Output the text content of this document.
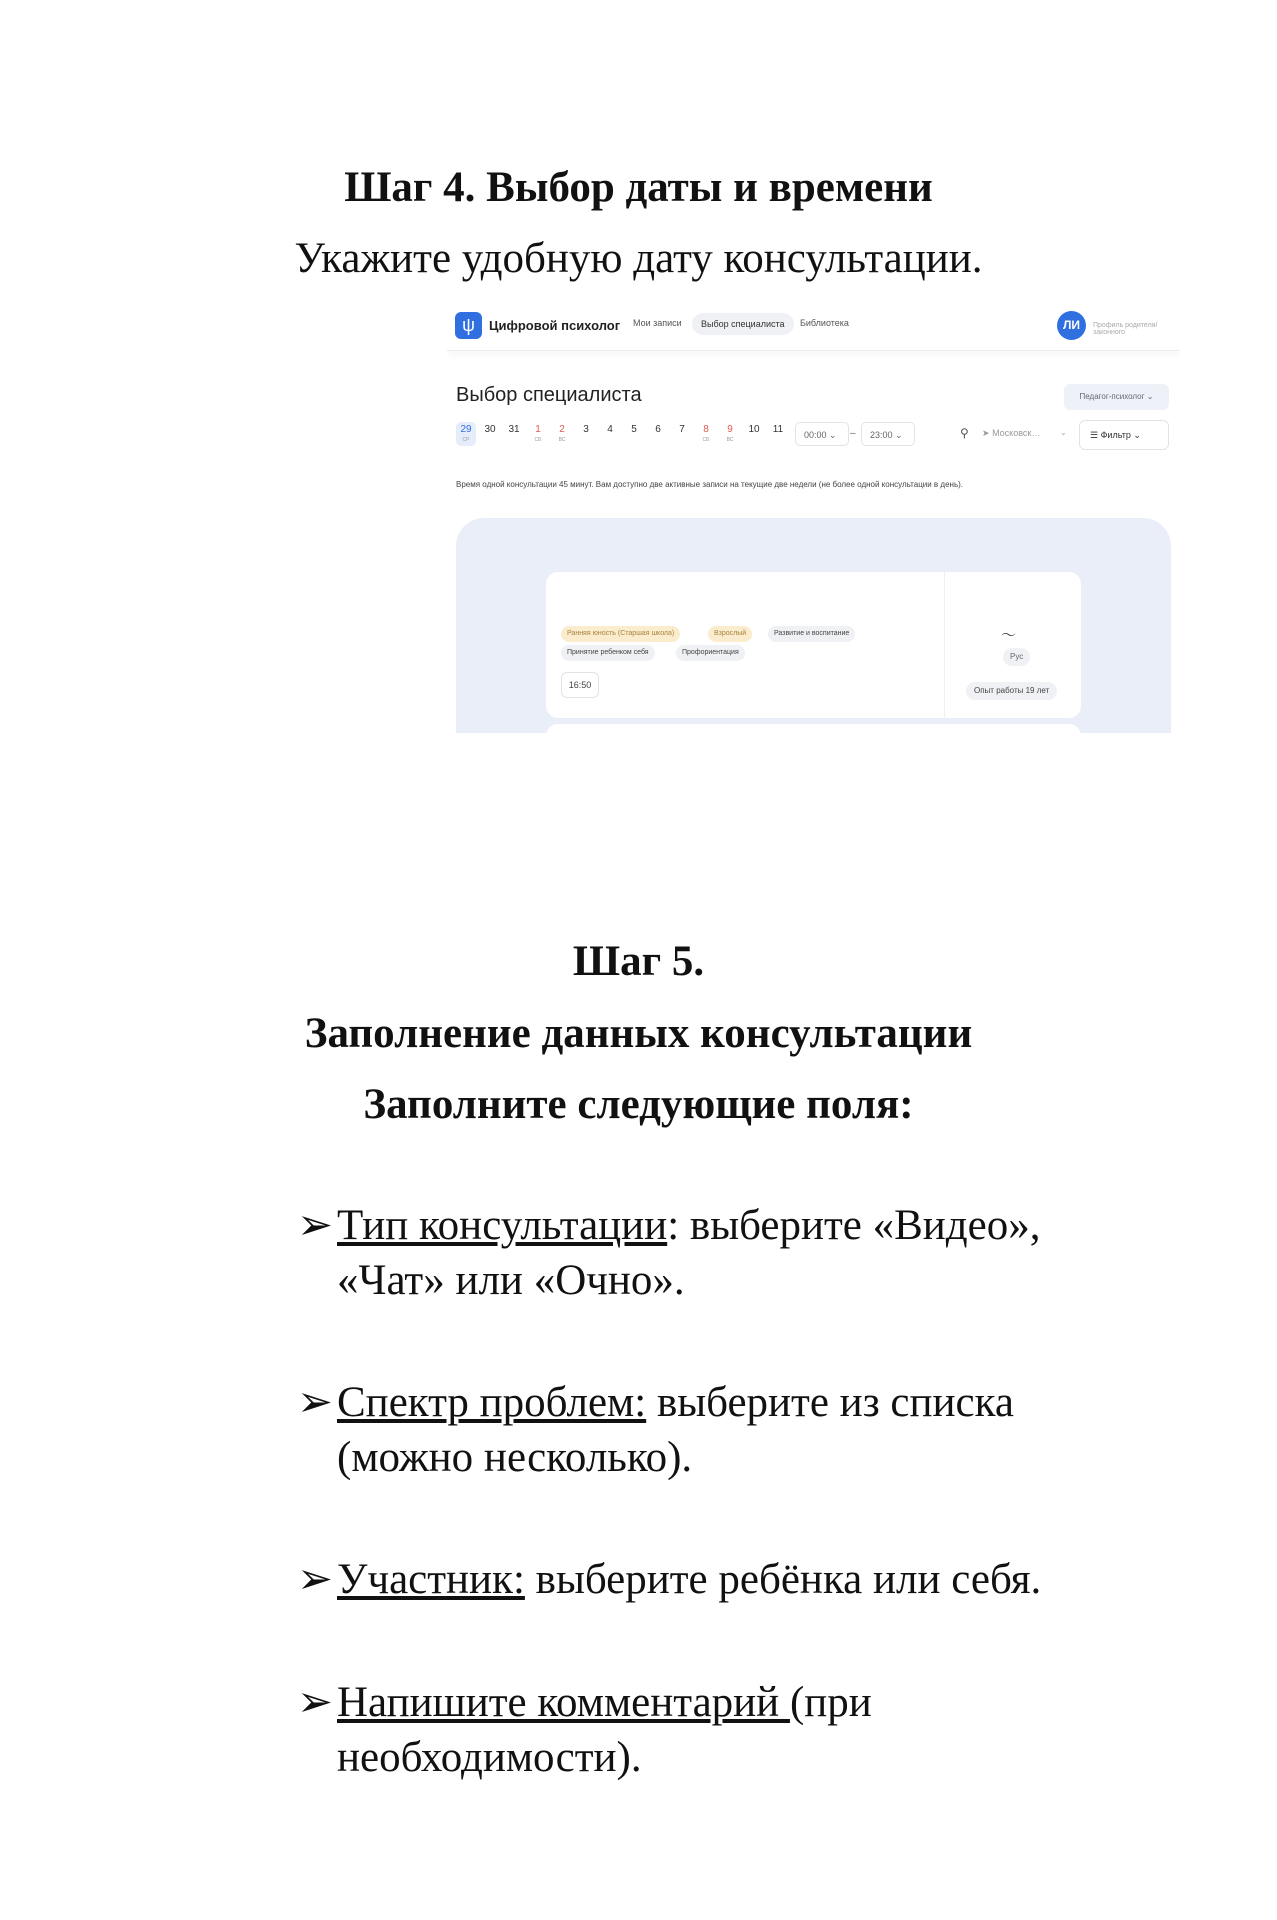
Шаг 4. Выбор даты и времени
Укажите удобную дату консультации.
ψ	Цифровой психолог Мои записи	Выбор специалиста	Библиотека	ЛИ	Профиль родителя/законного
Выбор специалиста	Педагог-психолог ⌄
29
СР
30	31	1
СБ
2
ВС
3	4	5	6	7	8
СБ
9
ВС
10	11	00:00 ⌄	–	23:00 ⌄	⚲ ➤ Московск… ⌄	☰ Фильтр ⌄
Время одной консультации 45 минут. Вам доступно две активные записи на текущие две недели (не более одной консультации в день).
Ранняя юность (Старшая школа)	Взрослый	Развитие и воспитание
Принятие ребенком себя	Профориентация
16:50
〜
Рус
Опыт работы 19 лет
Шаг 5.
Заполнение данных консультации
Заполните следующие поля:
➢ Тип консультации: выберите «Видео»,
«Чат» или «Очно».
➢ Спектр проблем: выберите из списка
(можно несколько).
➢ Участник: выберите ребёнка или себя.
➢ Напишите комментарий (при
необходимости).
